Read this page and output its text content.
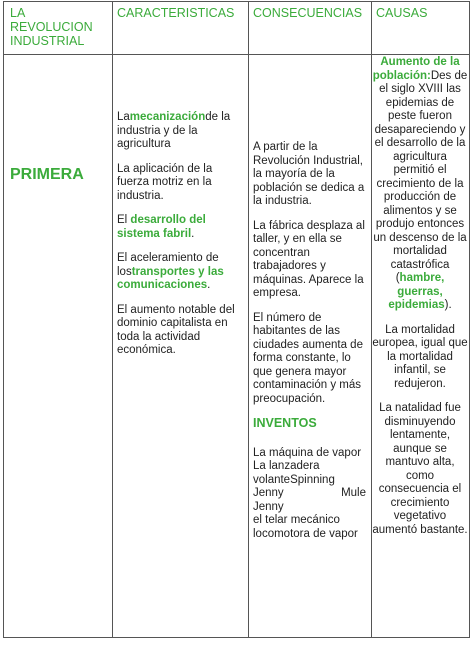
LA
REVOLUCION
INDUSTRIAL
CARACTERISTICAS CONSECUENCIAS CAUSAS
PRIMERA

Lamecanizaciónde la industria y de la agricultura

La aplicación de la fuerza motriz en la industria.

El desarrollo del sistema fabril.

El aceleramiento de lostransportes y las comunicaciones.

El aumento notable del dominio capitalista en toda la actividad económica.

A partir de la Revolución Industrial, la mayoría de la población se dedica a la industria.

La fábrica desplaza al taller, y en ella se concentran trabajadores y máquinas. Aparece la empresa.

El número de habitantes de las ciudades aumenta de forma constante, lo que genera mayor contaminación y más preocupación.

INVENTOS

La máquina de vapor
La lanzadera
volanteSpinning
Jenny Mule
Jenny
el telar mecánico
locomotora de vapor

Aumento de la población:Des de el siglo XVIII las epidemias de peste fueron desapareciendo y el desarrollo de la agricultura permitió el crecimiento de la producción de alimentos y se produjo entonces un descenso de la mortalidad catastrófica (hambre, guerras, epidemias).

La mortalidad europea, igual que la mortalidad infantil, se redujeron.

La natalidad fue disminuyendo lentamente, aunque se mantuvo alta, como consecuencia el crecimiento vegetativo aumentó bastante.
